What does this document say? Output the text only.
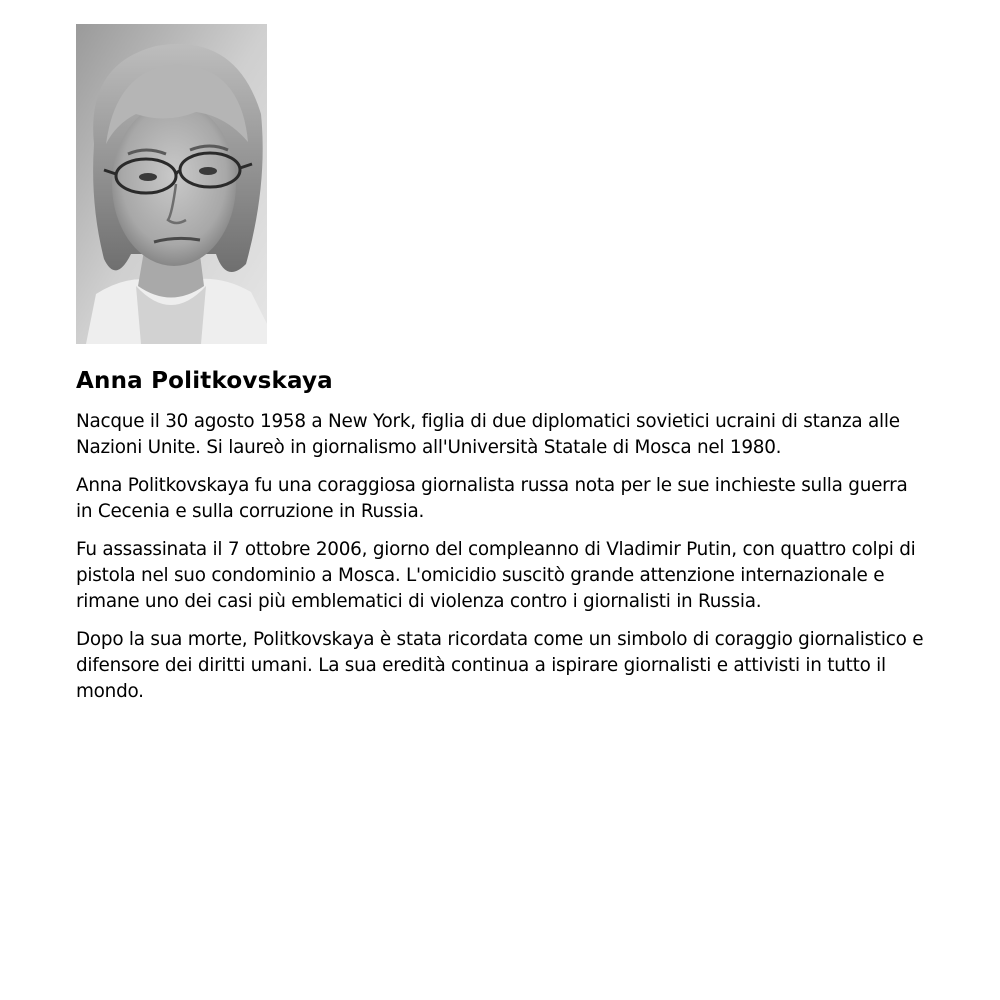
Anna Politkovskaya

Nacque il 30 agosto 1958 a New York, figlia di due diplomatici sovietici ucraini di stanza alle Nazioni Unite. Si laureò in giornalismo all'Università Statale di Mosca nel 1980.

Anna Politkovskaya fu una coraggiosa giornalista russa nota per le sue inchieste sulla guerra in Cecenia e sulla corruzione in Russia.

Fu assassinata il 7 ottobre 2006, giorno del compleanno di Vladimir Putin, con quattro colpi di pistola nel suo condominio a Mosca. L'omicidio suscitò grande attenzione internazionale e rimane uno dei casi più emblematici di violenza contro i giornalisti in Russia.

Dopo la sua morte, Politkovskaya è stata ricordata come un simbolo di coraggio giornalistico e difensore dei diritti umani. La sua eredità continua a ispirare giornalisti e attivisti in tutto il mondo.
